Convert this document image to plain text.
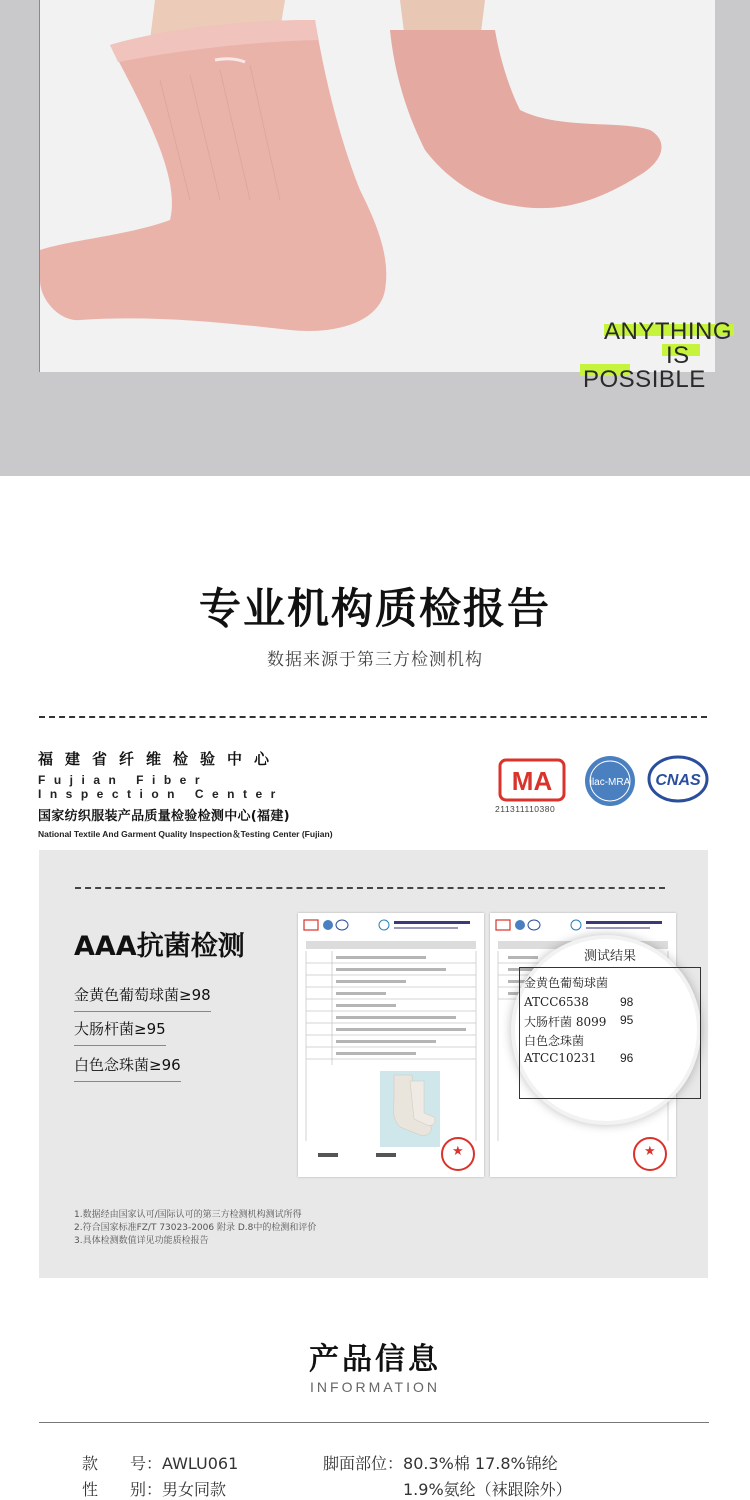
ANYTHING
IS
POSSIBLE
专业机构质检报告
数据来源于第三方检测机构
福建省纤维检验中心
Fujian Fiber Inspection Center
国家纺织服装产品质量检验检测中心(福建)
National Textile And Garment Quality Inspection＆Testing Center (Fujian)
MA
211311110380
ilac-MRA CNAS
AAA抗菌检测
金黄色葡萄球菌≥98
大肠杆菌≥95
白色念珠菌≥96
★
★
测试结果
金黄色葡萄球菌
ATCC6538	98
大肠杆菌 8099 95
白色念珠菌
ATCC10231 96
1.数据经由国家认可/国际认可的第三方检测机构测试所得
2.符合国家标准FZ/T 73023-2006 附录 D.8中的检测和评价
3.具体检测数值详见功能质检报告
产品信息
INFORMATION
款　　号：AWLU061	脚面部位：80.3%棉 17.8%锦纶
性　　别：男女同款	1.9%氨纶（袜跟除外）
